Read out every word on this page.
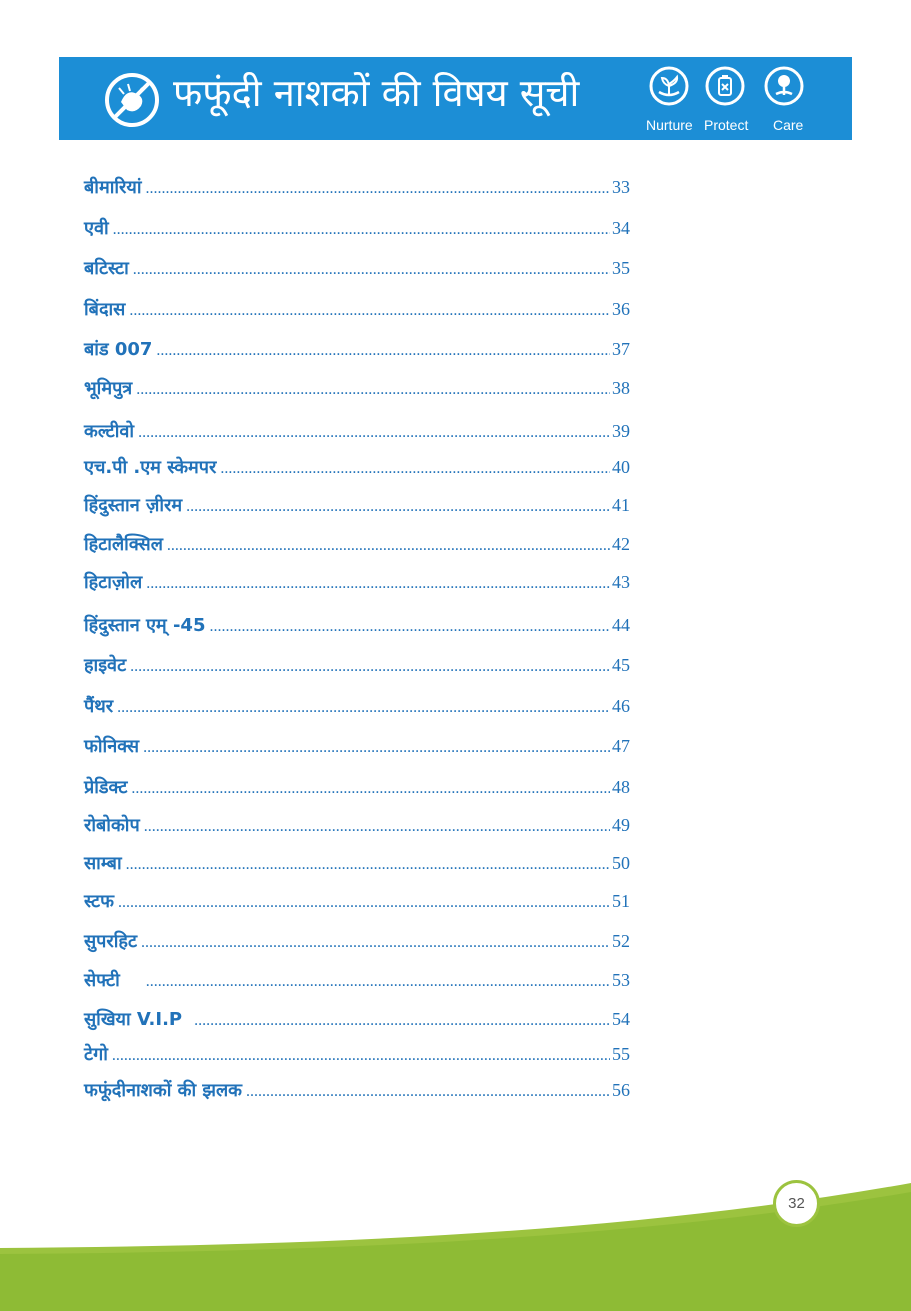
फफूंदी नाशकों की विषय सूची
Nurture Protect Care
बीमारियां .....	33
एवी .....	34
बटिस्टा .....	35
बिंदास .....	36
बांड 007 .....	37
भूमिपुत्र .....	38
कल्टीवो .....	39
एच.पी .एम स्केमपर .....	40
हिंदुस्तान ज़ीरम .....	41
हिटालैक्सिल .....	42
हिटाज़ोल .....	43
हिंदुस्तान एम् -45 .....	44
हाइवेट .....	45
पैंथर .....	46
फोनिक्स .....	47
प्रेडिक्ट .....	48
रोबोकोप .....	49
साम्बा .....	50
स्टफ .....	51
सुपरहिट .....	52
सेफ्टी .....	53
सुखिया V.I.P .....	54
टेगो .....	55
फफूंदीनाशकों की झलक .....	56
32
